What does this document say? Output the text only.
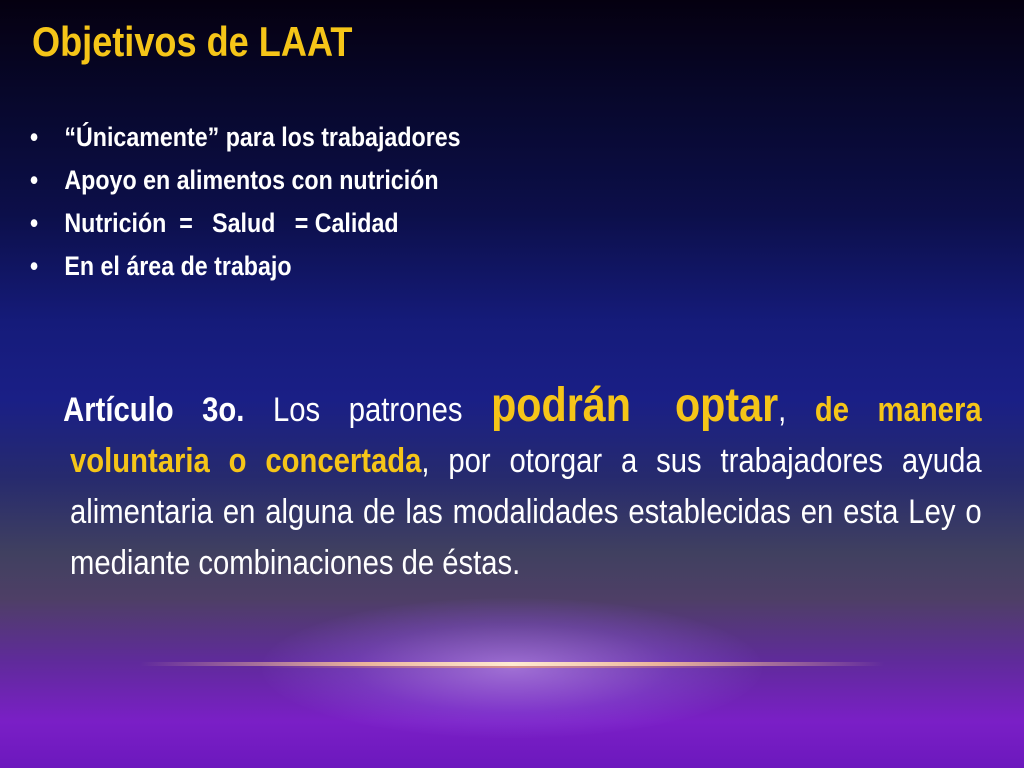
Objetivos de LAAT
• “Únicamente” para los trabajadores
• Apoyo en alimentos con nutrición
• Nutrición  =   Salud   = Calidad
• En el área de trabajo

Artículo 3o. Los patrones podrán optar, de manera voluntaria o concertada, por otorgar a sus trabajadores ayuda alimentaria en alguna de las modalidades establecidas en esta Ley o mediante combinaciones de éstas.
